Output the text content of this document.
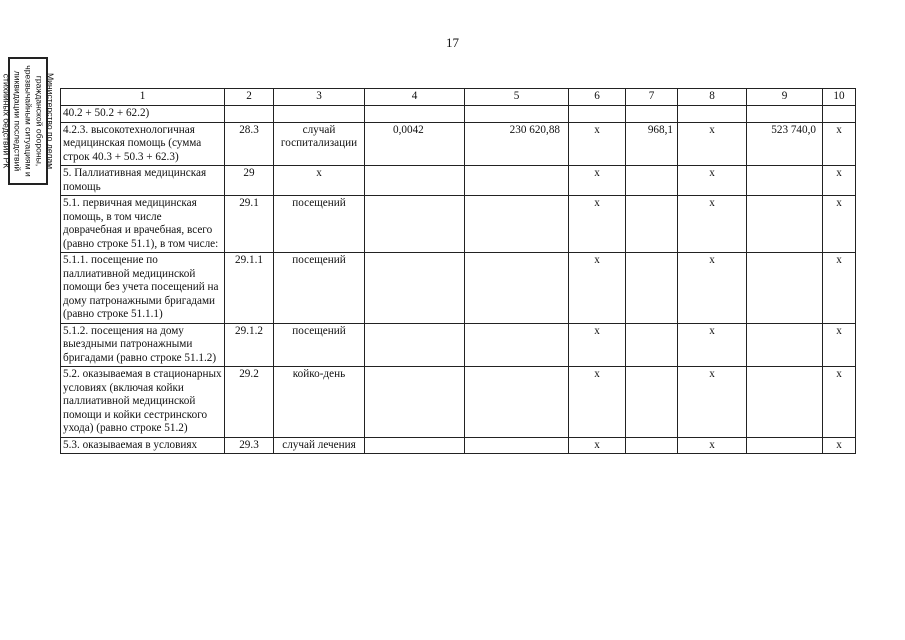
17
Министерство по делам гражданской обороны, чрезвычайным ситуациям и ликвидации последствий стихийных бедствий РК	1	2	3	4	5	6	7	8	9	10
40.2 + 50.2 + 62.2)									
4.2.3. высокотехнологичная медицинская помощь (сумма строк 40.3 + 50.3 + 62.3)	28.3	случай госпитализации	0,0042	230 620,88	х	968,1	х	523 740,0	х
5. Паллиативная медицинская помощь	29	х			х		х		х
5.1. первичная медицинская помощь, в том числе доврачебная и врачебная, всего (равно строке 51.1), в том числе:	29.1	посещений			х		х		х
5.1.1. посещение по паллиативной медицинской помощи без учета посещений на дому патронажными бригадами (равно строке 51.1.1)	29.1.1	посещений			х		х		х
5.1.2. посещения на дому выездными патронажными бригадами (равно строке 51.1.2)	29.1.2	посещений			х		х		х
5.2. оказываемая в стационарных условиях (включая койки паллиативной медицинской помощи и койки сестринского ухода) (равно строке 51.2)	29.2	койко-день			х		х		х
5.3. оказываемая в условиях	29.3	случай лечения			х		х		х
